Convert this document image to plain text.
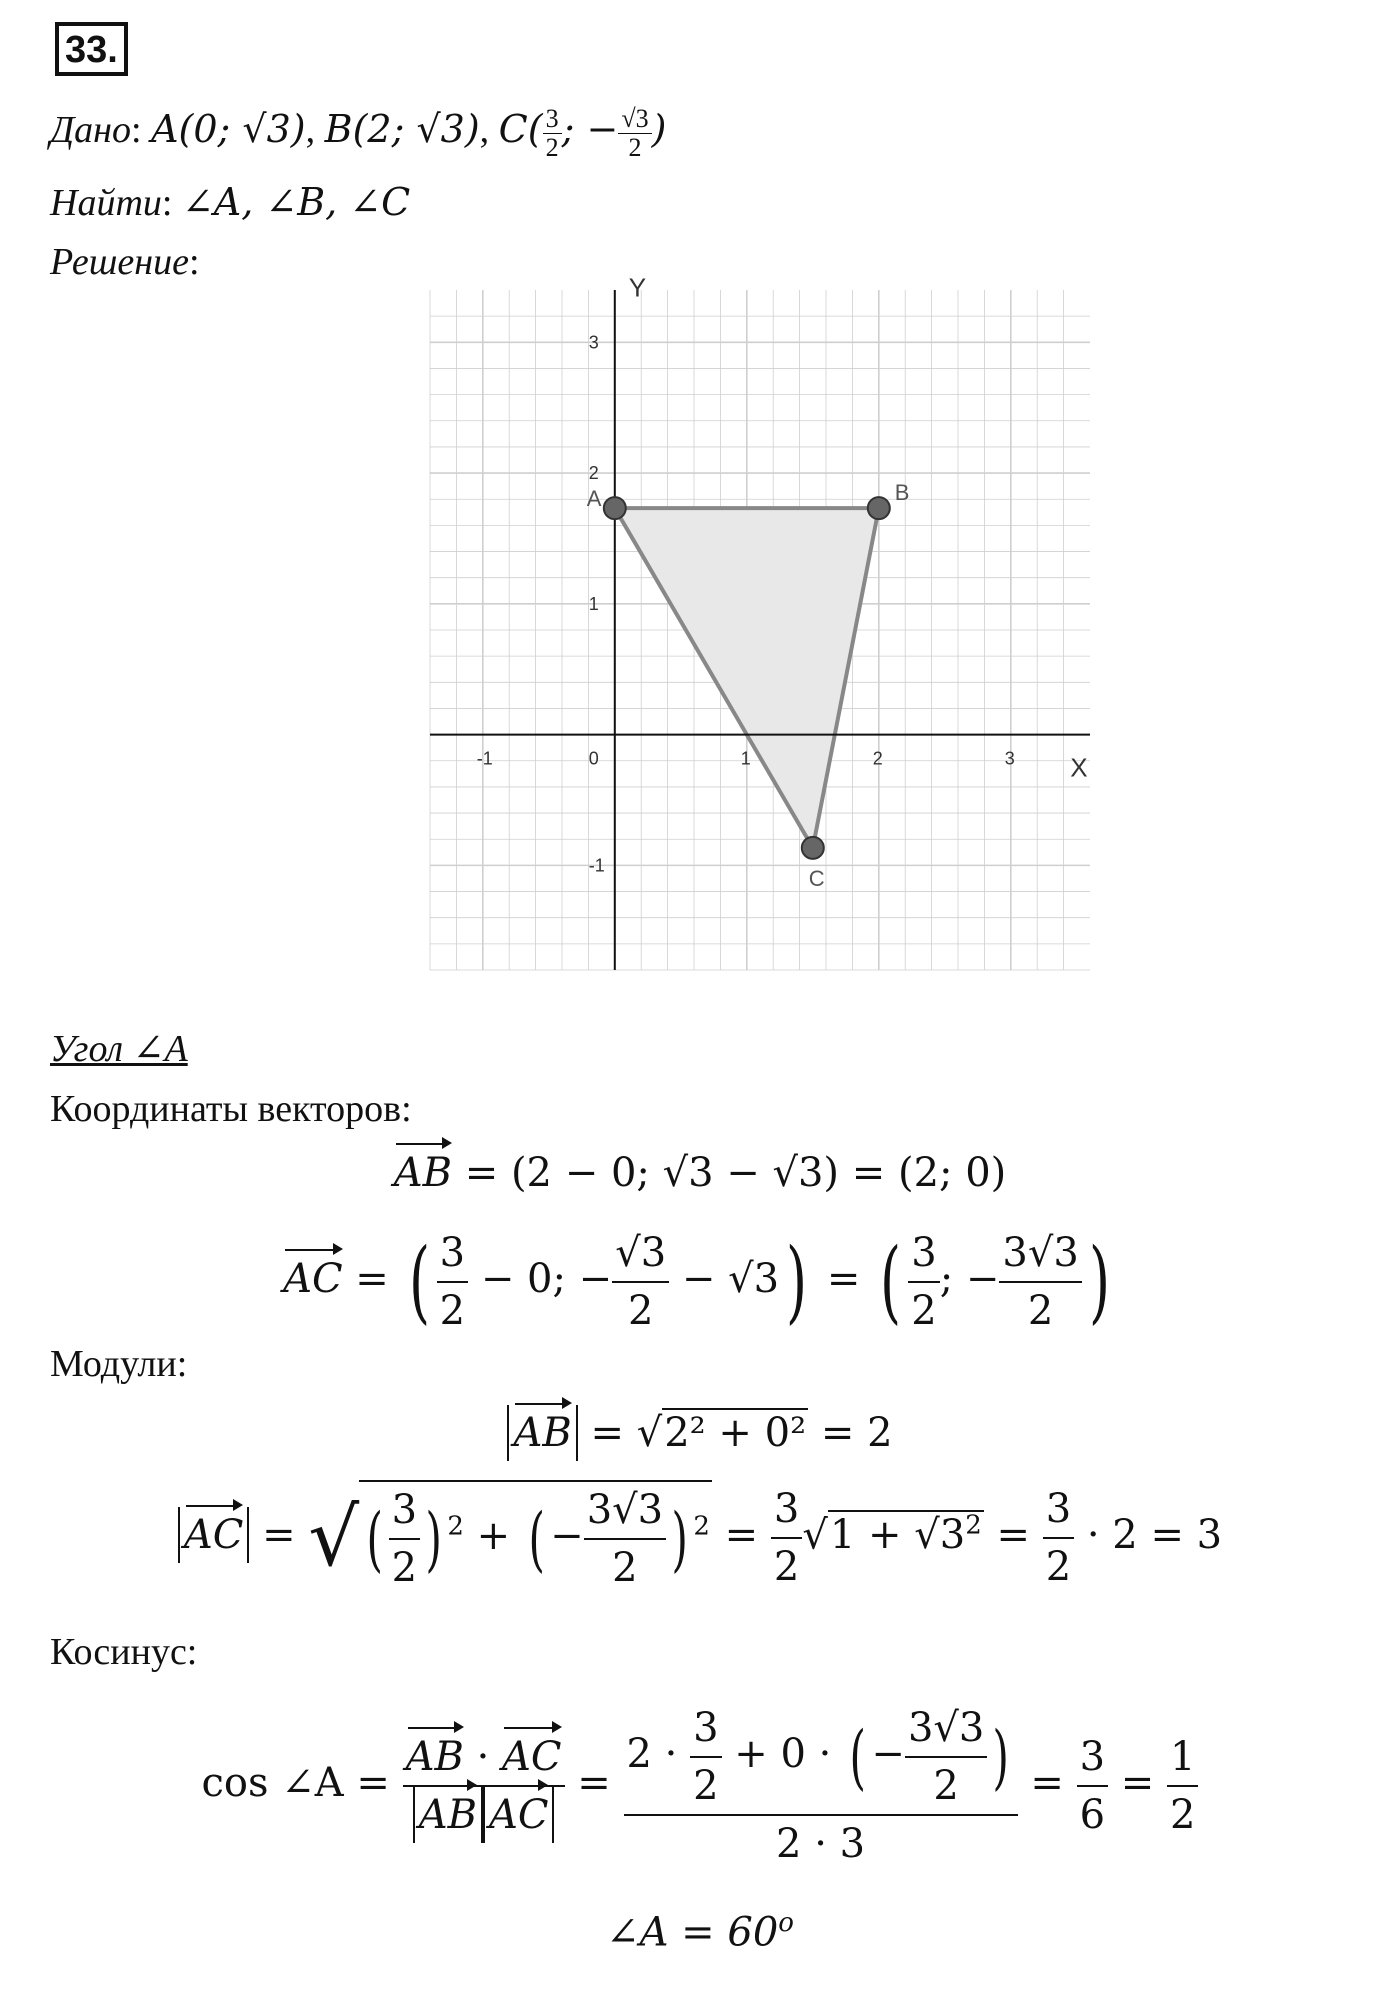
33.
Дано: A(0; √3), B(2; √3), $C( \frac{3}{2}$ ; − $\frac{√3}{2}$ )
Найти: ∠A, ∠B, ∠C
Решение:
X
Y
-1	0	1	2	3
-1
1
2
3
A	B
C
Угол ∠A
Координаты векторов:
AB = (2 − 0; √3 − √3) = (2; 0)
AC = ( $\frac{3}{2} - 0$; − $\frac{√3}{2} - √3$) = ( $\frac{3}{2}$ ; − $\frac{3√3}{2}$ )
Модули:
AB = √2² + 0² = 2
AC = √ ( $\frac{3}{2}$ ) $^2$ + ( − $\frac{3√3}{2}$ ) $^2 = \frac{3}{2} √1 + √3^2 = \frac{3}{2} \cdot 2 = 3$
Косинус:
cos ∠A = $\frac{AB \cdot AC}{\text{AB AC}} = \frac{2 \cdot \frac{3}{2} + 0 \cdot ( - \frac{3√3}{2} )}{2 \cdot 3} = \frac{3}{6} = \frac{1}{2}$
∠A = $60^o$
